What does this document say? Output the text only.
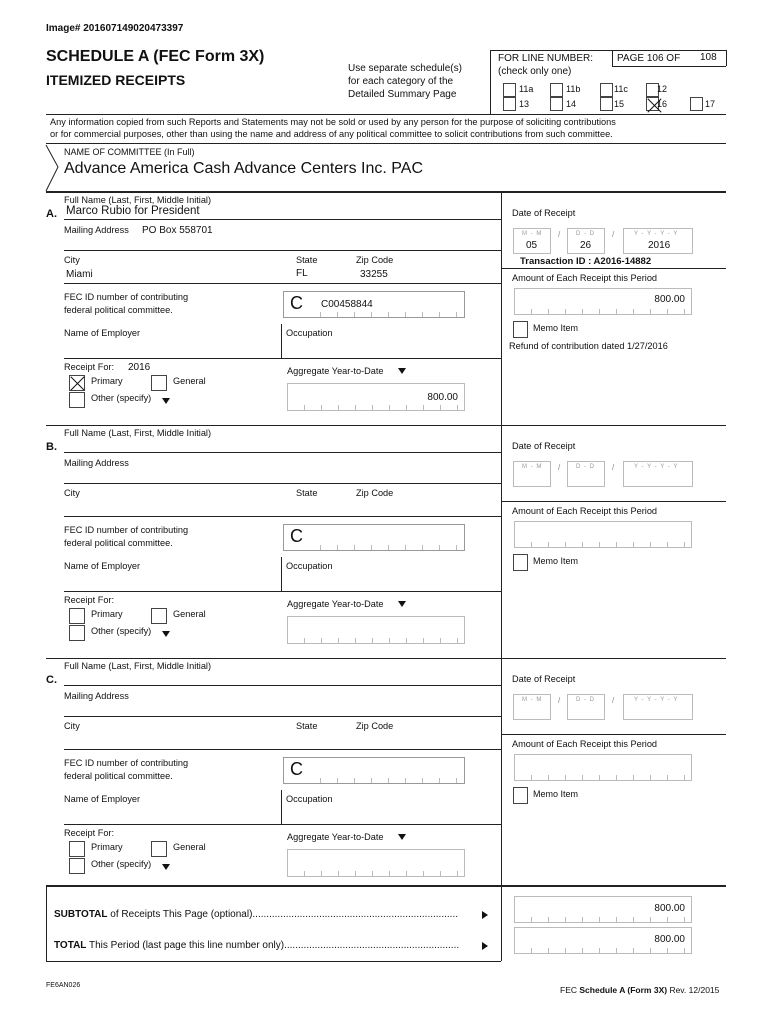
Image# 201607149020473397
SCHEDULE A (FEC Form 3X)
ITEMIZED RECEIPTS
Use separate schedule(s)
for each category of the
Detailed Summary Page
FOR LINE NUMBER: PAGE 106 OF 108
(check only one)
11a	11b	11c	12
13	14	15	16	17
Any information copied from such Reports and Statements may not be sold or used by any person for the purpose of soliciting contributions
or for commercial purposes, other than using the name and address of any political committee to solicit contributions from such committee.
NAME OF COMMITTEE (In Full)
Advance America Cash Advance Centers Inc. PAC
Full Name (Last, First, Middle Initial)
A. Marco Rubio for President
Mailing Address PO Box 558701
City	State	Zip Code
Miami	FL	33255
FEC ID number of contributing
federal political committee.	C C00458844
Name of Employer	Occupation
Receipt For: 2016
Primary	General
Other (specify)
Aggregate Year-to-Date
800.00
Date of Receipt
M - M
05
/	D - D
26
/	Y - Y - Y - Y
2016
Transaction ID : A2016-14882
Amount of Each Receipt this Period
800.00
Memo Item
Refund of contribution dated 1/27/2016
Full Name (Last, First, Middle Initial)
B.
Mailing Address
City	State	Zip Code
FEC ID number of contributing
federal political committee.	C
Name of Employer	Occupation
Receipt For:
Primary	General
Other (specify)
Aggregate Year-to-Date
Date of Receipt
M - M /	D - D /	Y - Y - Y - Y
Amount of Each Receipt this Period
Memo Item
Full Name (Last, First, Middle Initial)
C.
Mailing Address
City	State	Zip Code
FEC ID number of contributing
federal political committee.	C
Name of Employer	Occupation
Receipt For:
Primary	General
Other (specify)
Aggregate Year-to-Date
Date of Receipt
M - M /	D - D /	Y - Y - Y - Y
Amount of Each Receipt this Period
Memo Item
SUBTOTAL of Receipts This Page (optional)..........................................................................
800.00
TOTAL This Period (last page this line number only)...............................................................
800.00
FE6AN026	FEC Schedule A (Form 3X) Rev. 12/2015
